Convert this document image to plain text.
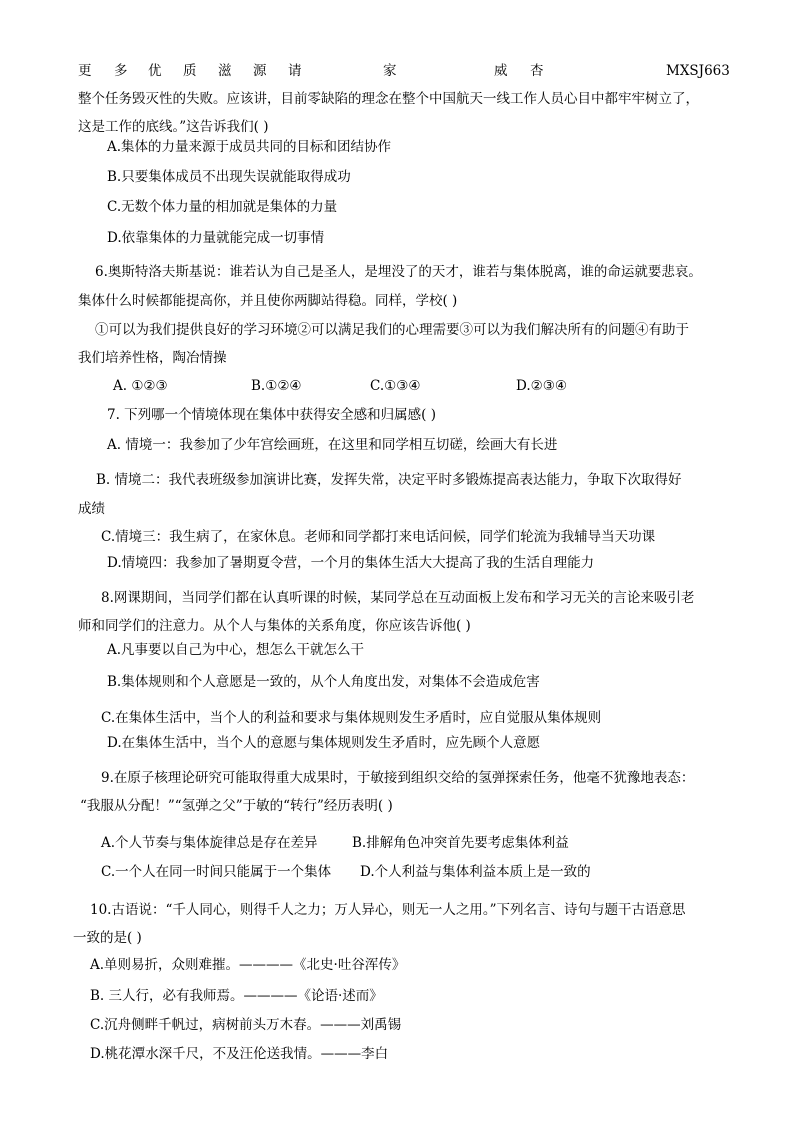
更 多 优 质 滋 源 请	家	威 杏	MXSJ663
整个任务毁灭性的失败。应该讲，目前零缺陷的理念在整个中国航天一线工作人员心目中都牢牢树立了，
这是工作的底线。”这告诉我们( )
A.集体的力量来源于成员共同的目标和团结协作
B.只要集体成员不出现失误就能取得成功
C.无数个体力量的相加就是集体的力量
D.依靠集体的力量就能完成一切事情
6.奥斯特洛夫斯基说：谁若认为自己是圣人，是埋没了的天才，谁若与集体脱离，谁的命运就要悲哀。
集体什么时候都能提高你，并且使你两脚站得稳。同样，学校( )
①可以为我们提供良好的学习环境②可以满足我们的心理需要③可以为我们解决所有的问题④有助于
我们培养性格，陶冶情操
A. ①②③	B.①②④	C.①③④	D.②③④
7. 下列哪一个情境体现在集体中获得安全感和归属感( )
A. 情境一：我参加了少年宫绘画班，在这里和同学相互切磋，绘画大有长进
B. 情境二：我代表班级参加演讲比赛，发挥失常，决定平时多锻炼提高表达能力，争取下次取得好
成绩
C.情境三：我生病了，在家休息。老师和同学都打来电话问候，同学们轮流为我辅导当天功课
D.情境四：我参加了暑期夏令营，一个月的集体生活大大提高了我的生活自理能力
8.网课期间，当同学们都在认真听课的时候，某同学总在互动面板上发布和学习无关的言论来吸引老
师和同学们的注意力。从个人与集体的关系角度，你应该告诉他( )
A.凡事要以自己为中心，想怎么干就怎么干
B.集体规则和个人意愿是一致的，从个人角度出发，对集体不会造成危害
C.在集体生活中，当个人的利益和要求与集体规则发生矛盾时，应自觉服从集体规则
D.在集体生活中，当个人的意愿与集体规则发生矛盾时，应先顾个人意愿
9.在原子核理论研究可能取得重大成果时，于敏接到组织交给的氢弹探索任务，他毫不犹豫地表态：
“我服从分配！”“氢弹之父”于敏的“转行”经历表明( )
A.个人节奏与集体旋律总是存在差异	B.排解角色冲突首先要考虑集体利益
C.一个人在同一时间只能属于一个集体 D.个人利益与集体利益本质上是一致的
10.古语说：“千人同心，则得千人之力；万人异心，则无一人之用。”下列名言、诗句与题干古语意思
一致的是( )
A.单则易折，众则难摧。————《北史·吐谷浑传》
B. 三人行，必有我师焉。————《论语·述而》
C.沉舟侧畔千帆过，病树前头万木春。———刘禹锡
D.桃花潭水深千尺，不及汪伦送我情。———李白
